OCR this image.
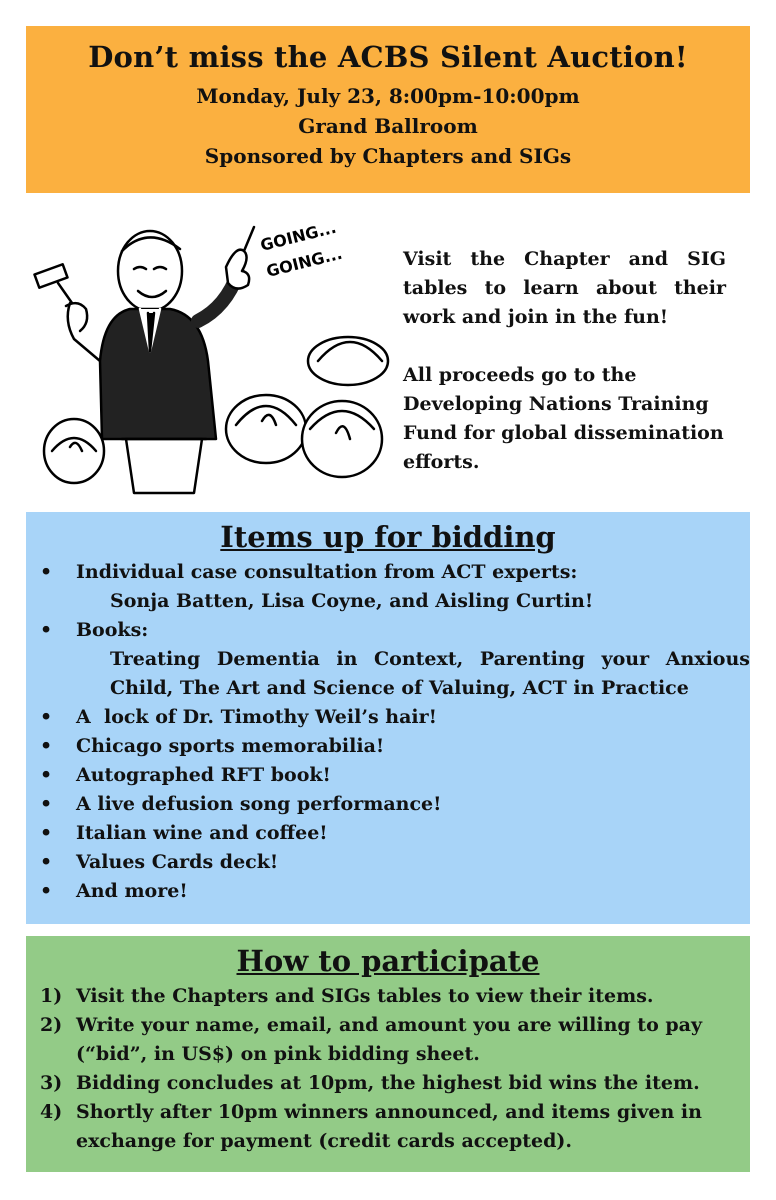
Don’t miss the ACBS Silent Auction!
Monday, July 23, 8:00pm-10:00pm
Grand Ballroom
Sponsored by Chapters and SIGs
GOING...
GOING...	Visit the Chapter and SIG tables to learn about their work and join in the fun!

All proceeds go to the Developing Nations Training Fund for global dissemination efforts.

Items up for bidding
• Individual case consultation from ACT experts:
Sonja Batten, Lisa Coyne, and Aisling Curtin!
• Books:
Treating Dementia in Context, Parenting your Anxious Child, The Art and Science of Valuing, ACT in Practice
• A  lock of Dr. Timothy Weil’s hair!
• Chicago sports memorabilia!
• Autographed RFT book!
• A live defusion song performance!
• Italian wine and coffee!
• Values Cards deck!
• And more!
How to participate
1) Visit the Chapters and SIGs tables to view their items.
2) Write your name, email, and amount you are willing to pay (“bid”, in US$) on pink bidding sheet.
3) Bidding concludes at 10pm, the highest bid wins the item.
4) Shortly after 10pm winners announced, and items given in exchange for payment (credit cards accepted).
